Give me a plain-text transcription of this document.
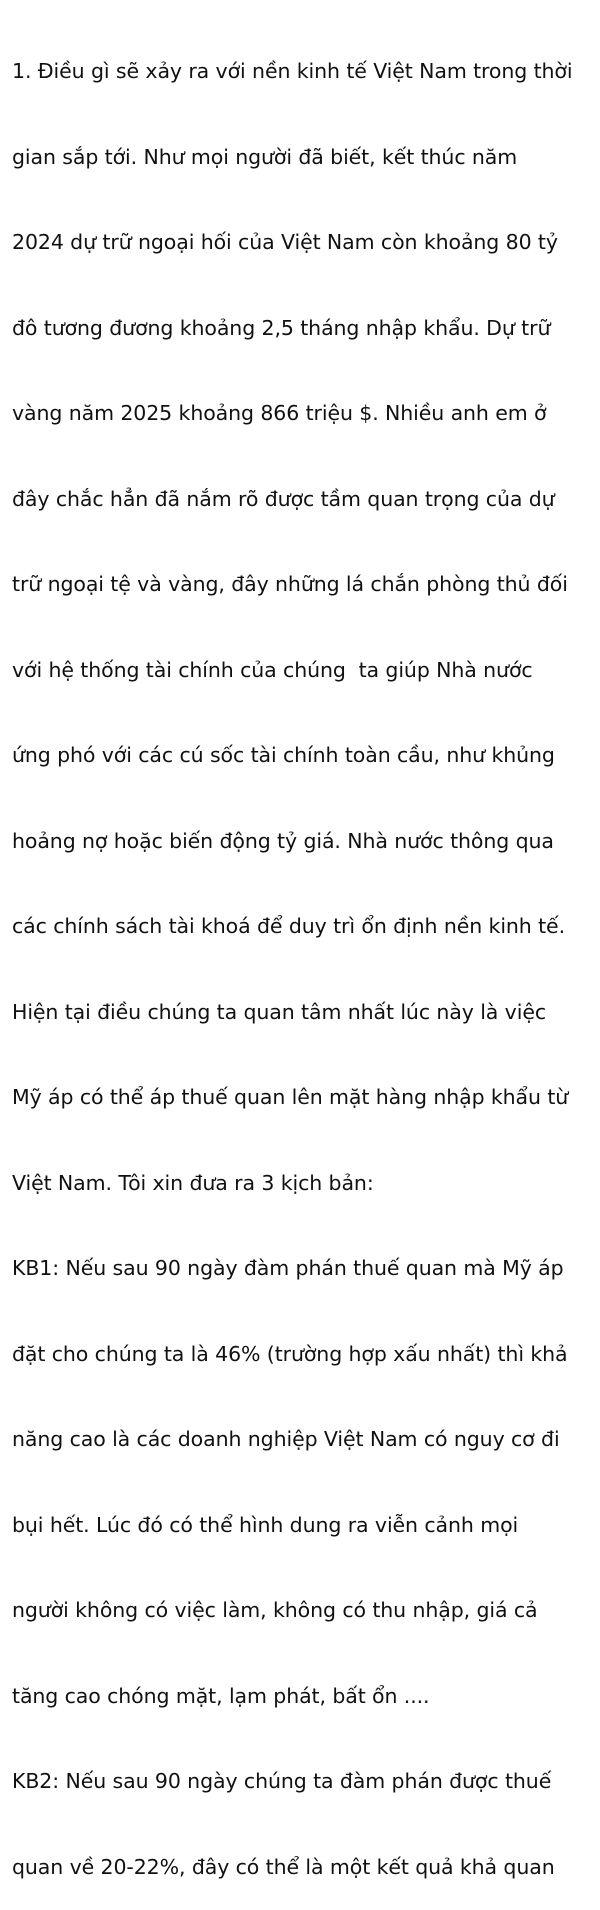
1. Điều gì sẽ xảy ra với nền kinh tế Việt Nam trong thời

gian sắp tới. Như mọi người đã biết, kết thúc năm

2024 dự trữ ngoại hối của Việt Nam còn khoảng 80 tỷ

đô tương đương khoảng 2,5 tháng nhập khẩu. Dự trữ

vàng năm 2025 khoảng 866 triệu $. Nhiều anh em ở

đây chắc hẳn đã nắm rõ được tầm quan trọng của dự

trữ ngoại tệ và vàng, đây những lá chắn phòng thủ đối

với hệ thống tài chính của chúng  ta giúp Nhà nước

ứng phó với các cú sốc tài chính toàn cầu, như khủng

hoảng nợ hoặc biến động tỷ giá. Nhà nước thông qua

các chính sách tài khoá để duy trì ổn định nền kinh tế.

Hiện tại điều chúng ta quan tâm nhất lúc này là việc

Mỹ áp có thể áp thuế quan lên mặt hàng nhập khẩu từ

Việt Nam. Tôi xin đưa ra 3 kịch bản:

KB1: Nếu sau 90 ngày đàm phán thuế quan mà Mỹ áp

đặt cho chúng ta là 46% (trường hợp xấu nhất) thì khả

năng cao là các doanh nghiệp Việt Nam có nguy cơ đi

bụi hết. Lúc đó có thể hình dung ra viễn cảnh mọi

người không có việc làm, không có thu nhập, giá cả

tăng cao chóng mặt, lạm phát, bất ổn ....

KB2: Nếu sau 90 ngày chúng ta đàm phán được thuế

quan về 20-22%, đây có thể là một kết quả khả quan
